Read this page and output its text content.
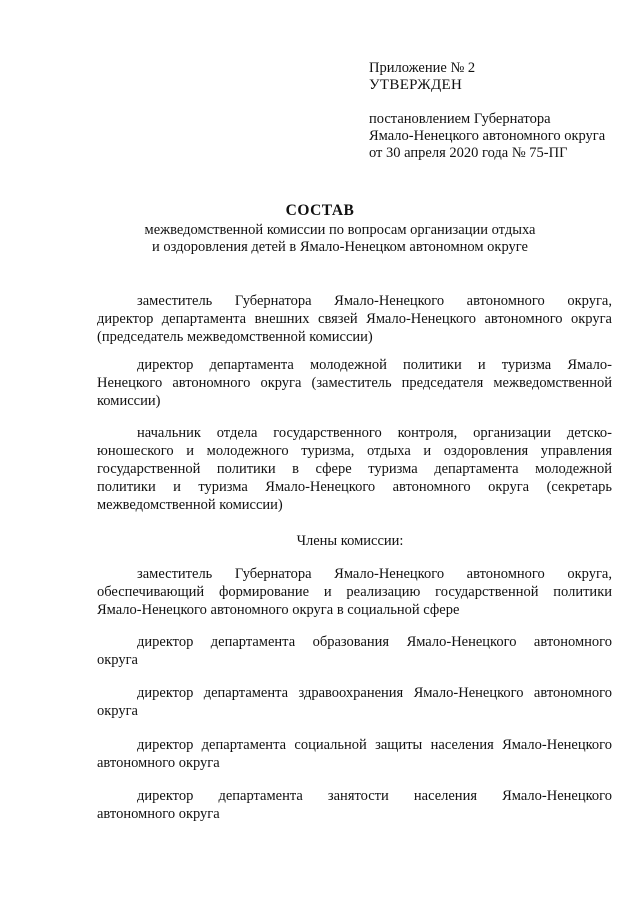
Приложение № 2
УТВЕРЖДЕН
постановлением Губернатора
Ямало-Ненецкого автономного округа
от 30 апреля 2020 года № 75-ПГ
СОСТАВ
межведомственной комиссии по вопросам организации отдыха
и оздоровления детей в Ямало-Ненецком автономном округе
заместитель Губернатора Ямало-Ненецкого автономного округа,
директор департамента внешних связей Ямало-Ненецкого автономного округа
(председатель межведомственной комиссии)
директор департамента молодежной политики и туризма Ямало-
Ненецкого автономного округа (заместитель председателя межведомственной
комиссии)
начальник отдела государственного контроля, организации детско-
юношеского и молодежного туризма, отдыха и оздоровления управления
государственной политики в сфере туризма департамента молодежной
политики и туризма Ямало-Ненецкого автономного округа (секретарь
межведомственной комиссии)
Члены комиссии:
заместитель Губернатора Ямало-Ненецкого автономного округа,
обеспечивающий формирование и реализацию государственной политики
Ямало-Ненецкого автономного округа в социальной сфере
директор департамента образования Ямало-Ненецкого автономного
округа
директор департамента здравоохранения Ямало-Ненецкого автономного
округа
директор департамента социальной защиты населения Ямало-Ненецкого
автономного округа
директор департамента занятости населения Ямало-Ненецкого
автономного округа
